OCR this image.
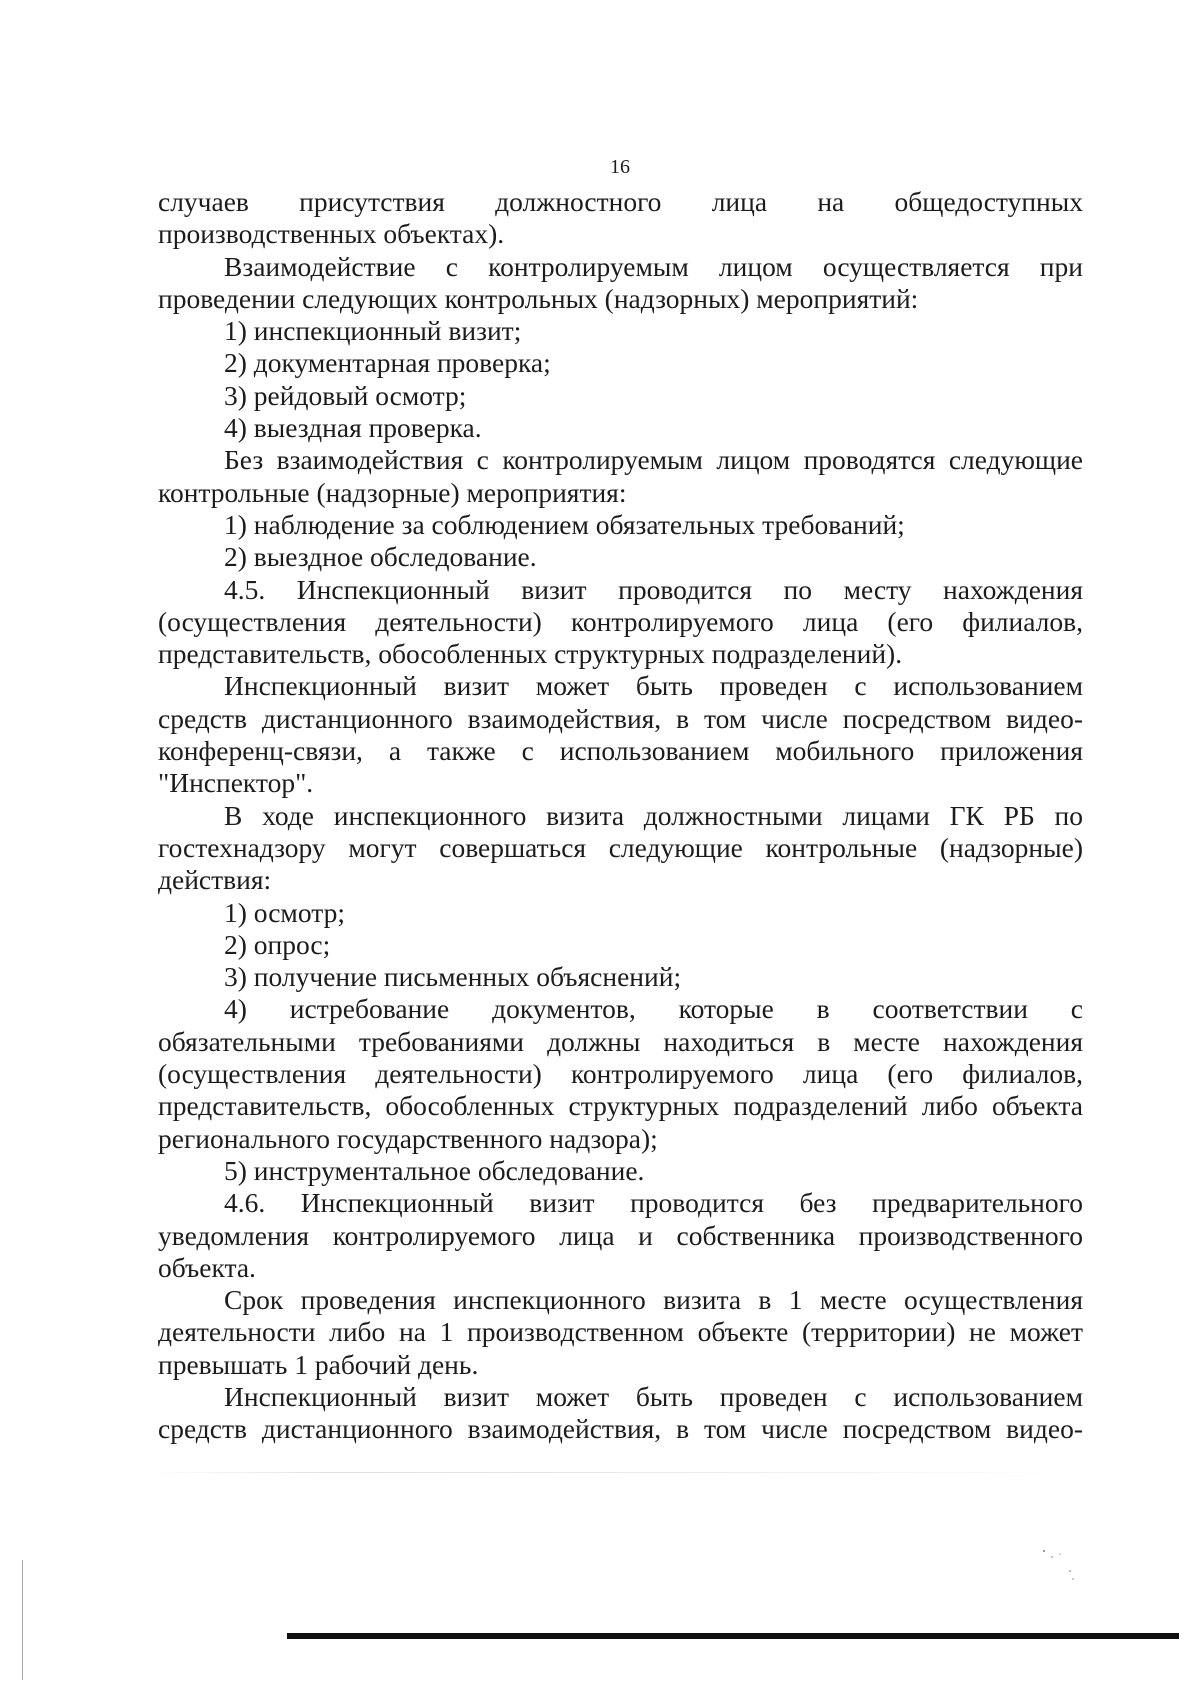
16
случаев присутствия должностного лица на общедоступных
производственных объектах).
Взаимодействие с контролируемым лицом осуществляется при
проведении следующих контрольных (надзорных) мероприятий:
1) инспекционный визит;
2) документарная проверка;
3) рейдовый осмотр;
4) выездная проверка.
Без взаимодействия с контролируемым лицом проводятся следующие
контрольные (надзорные) мероприятия:
1) наблюдение за соблюдением обязательных требований;
2) выездное обследование.
4.5. Инспекционный визит проводится по месту нахождения
(осуществления деятельности) контролируемого лица (его филиалов,
представительств, обособленных структурных подразделений).
Инспекционный визит может быть проведен с использованием
средств дистанционного взаимодействия, в том числе посредством видео-
конференц-связи, а также с использованием мобильного приложения
"Инспектор".
В ходе инспекционного визита должностными лицами ГК РБ по
гостехнадзору могут совершаться следующие контрольные (надзорные)
действия:
1) осмотр;
2) опрос;
3) получение письменных объяснений;
4) истребование документов, которые в соответствии с
обязательными требованиями должны находиться в месте нахождения
(осуществления деятельности) контролируемого лица (его филиалов,
представительств, обособленных структурных подразделений либо объекта
регионального государственного надзора);
5) инструментальное обследование.
4.6. Инспекционный визит проводится без предварительного
уведомления контролируемого лица и собственника производственного
объекта.
Срок проведения инспекционного визита в 1 месте осуществления
деятельности либо на 1 производственном объекте (территории) не может
превышать 1 рабочий день.
Инспекционный визит может быть проведен с использованием
средств дистанционного взаимодействия, в том числе посредством видео-
